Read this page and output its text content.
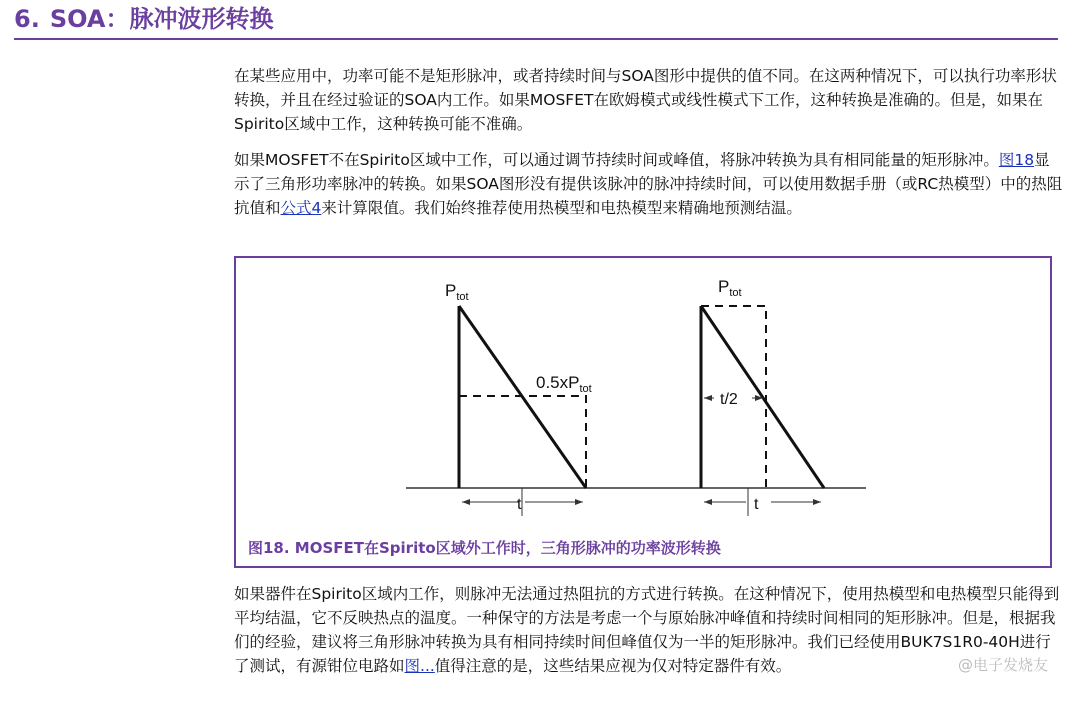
6. SOA：脉冲波形转换
在某些应用中，功率可能不是矩形脉冲，或者持续时间与SOA图形中提供的值不同。在这两种情况下，可以执行功率形状转换，并且在经过验证的SOA内工作。如果MOSFET在欧姆模式或线性模式下工作，这种转换是准确的。但是，如果在Spirito区域中工作，这种转换可能不准确。
如果MOSFET不在Spirito区域中工作，可以通过调节持续时间或峰值，将脉冲转换为具有相同能量的矩形脉冲。图18显示了三角形功率脉冲的转换。如果SOA图形没有提供该脉冲的脉冲持续时间，可以使用数据手册（或RC热模型）中的热阻抗值和公式4来计算限值。我们始终推荐使用热模型和电热模型来精确地预测结温。
$P_{tot}$
$0.5xP_{tot}$
$P_{tot}$
t/2
t	t
图18. MOSFET在Spirito区域外工作时，三角形脉冲的功率波形转换
如果器件在Spirito区域内工作，则脉冲无法通过热阻抗的方式进行转换。在这种情况下，使用热模型和电热模型只能得到平均结温，它不反映热点的温度。一种保守的方法是考虑一个与原始脉冲峰值和持续时间相同的矩形脉冲。但是，根据我们的经验，建议将三角形脉冲转换为具有相同持续时间但峰值仅为一半的矩形脉冲。我们已经使用BUK7S1R0-40H进行了测试，有源钳位电路如图...值得注意的是，这些结果应视为仅对特定器件有效。	@电子发烧友
